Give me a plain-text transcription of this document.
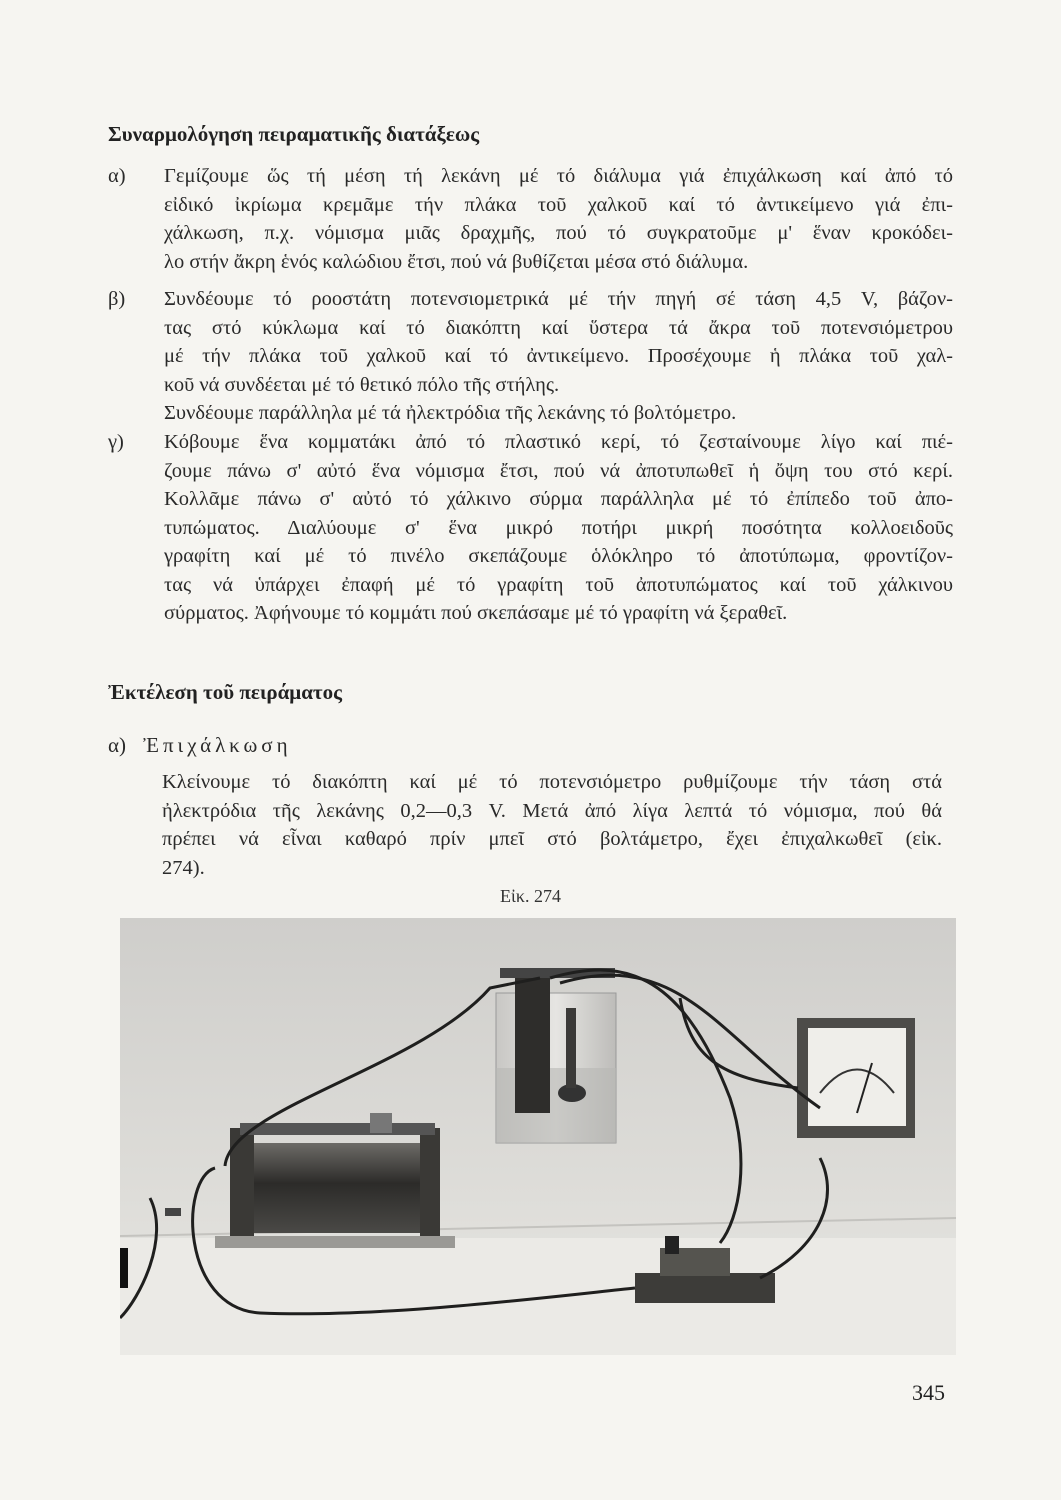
Συναρμολόγηση πειραματικῆς διατάξεως
α)	Γεμίζουμε ὥς τή μέση τή λεκάνη μέ τό διάλυμα γιά ἐπιχάλκωση καί ἀπό τό
εἰδικό ἰκρίωμα κρεμᾶμε τήν πλάκα τοῦ χαλκοῦ καί τό ἀντικείμενο γιά ἐπι-
χάλκωση, π.χ. νόμισμα μιᾶς δραχμῆς, πού τό συγκρατοῦμε μ' ἕναν κροκόδει-
λο στήν ἄκρη ἑνός καλώδιου ἔτσι, πού νά βυθίζεται μέσα στό διάλυμα.
β)	Συνδέουμε τό ροοστάτη ποτενσιομετρικά μέ τήν πηγή σέ τάση 4,5 V, βάζον-
τας στό κύκλωμα καί τό διακόπτη καί ὕστερα τά ἄκρα τοῦ ποτενσιόμετρου
μέ τήν πλάκα τοῦ χαλκοῦ καί τό ἀντικείμενο. Προσέχουμε ἡ πλάκα τοῦ χαλ-
κοῦ νά συνδέεται μέ τό θετικό πόλο τῆς στήλης.
Συνδέουμε παράλληλα μέ τά ἠλεκτρόδια τῆς λεκάνης τό βολτόμετρο.
γ)	Κόβουμε ἕνα κομματάκι ἀπό τό πλαστικό κερί, τό ζεσταίνουμε λίγο καί πιέ-
ζουμε πάνω σ' αὐτό ἕνα νόμισμα ἔτσι, πού νά ἀποτυπωθεῖ ἡ ὄψη του στό κερί.
Κολλᾶμε πάνω σ' αὐτό τό χάλκινο σύρμα παράλληλα μέ τό ἐπίπεδο τοῦ ἀπο-
τυπώματος. Διαλύουμε σ' ἕνα μικρό ποτήρι μικρή ποσότητα κολλοειδοῦς
γραφίτη καί μέ τό πινέλο σκεπάζουμε ὁλόκληρο τό ἀποτύπωμα, φροντίζον-
τας νά ὑπάρχει ἐπαφή μέ τό γραφίτη τοῦ ἀποτυπώματος καί τοῦ χάλκινου
σύρματος. Ἀφήνουμε τό κομμάτι πού σκεπάσαμε μέ τό γραφίτη νά ξεραθεῖ.
Ἐκτέλεση τοῦ πειράματος
α) Ἐπιχάλκωση
Κλείνουμε τό διακόπτη καί μέ τό ποτενσιόμετρο ρυθμίζουμε τήν τάση στά
ἠλεκτρόδια τῆς λεκάνης 0,2—0,3 V. Μετά ἀπό λίγα λεπτά τό νόμισμα, πού θά
πρέπει νά εἶναι καθαρό πρίν μπεῖ στό βολτάμετρο, ἔχει ἐπιχαλκωθεῖ (εἰκ.
274).
Εἰκ. 274
345
